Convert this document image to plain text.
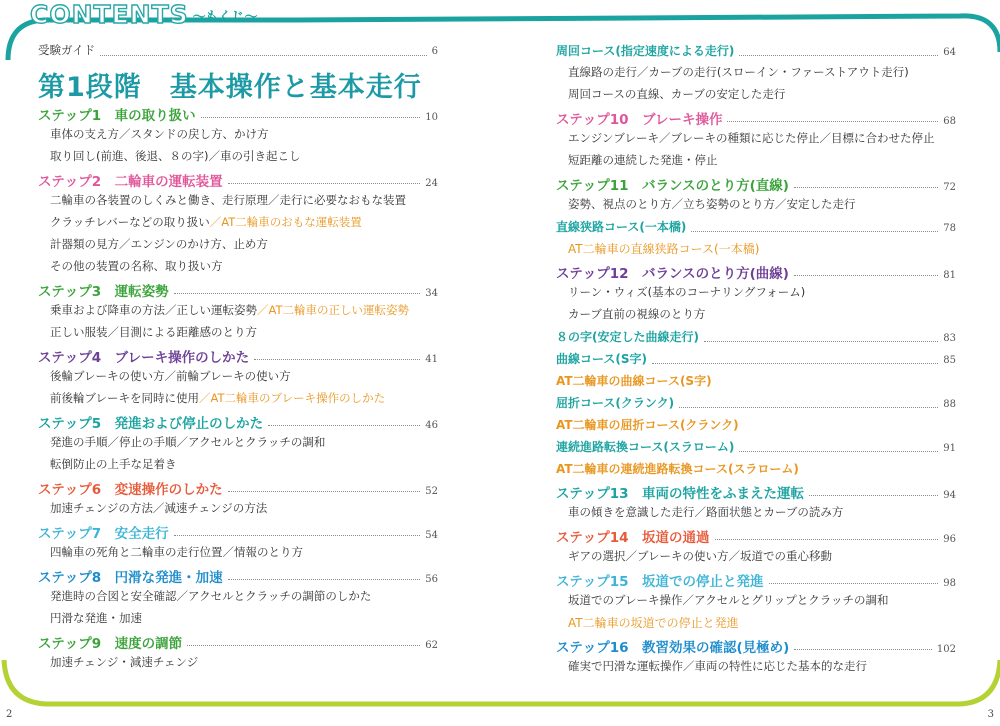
CONTENTS 〜もくじ〜
受験ガイド	6
第1段階　基本操作と基本走行
ステップ1　車の取り扱い	10
車体の支え方／スタンドの戻し方、かけ方
取り回し(前進、後退、８の字)／車の引き起こし
ステップ2　二輪車の運転装置	24
二輪車の各装置のしくみと働き、走行原理／走行に必要なおもな装置
クラッチレバーなどの取り扱い ／AT二輪車のおもな運転装置
計器類の見方／エンジンのかけ方、止め方
その他の装置の名称、取り扱い方
ステップ3　運転姿勢	34
乗車および降車の方法／正しい運転姿勢 ／AT二輪車の正しい運転姿勢
正しい服装／目測による距離感のとり方
ステップ4　ブレーキ操作のしかた	41
後輪ブレーキの使い方／前輪ブレーキの使い方
前後輪ブレーキを同時に使用 ／AT二輪車のブレーキ操作のしかた
ステップ5　発進および停止のしかた	46
発進の手順／停止の手順／アクセルとクラッチの調和
転倒防止の上手な足着き
ステップ6　変速操作のしかた	52
加速チェンジの方法／減速チェンジの方法
ステップ7　安全走行	54
四輪車の死角と二輪車の走行位置／情報のとり方
ステップ8　円滑な発進・加速	56
発進時の合図と安全確認／アクセルとクラッチの調節のしかた
円滑な発進・加速
ステップ9　速度の調節	62
加速チェンジ・減速チェンジ
周回コース(指定速度による走行)	64
直線路の走行／カーブの走行(スローイン・ファーストアウト走行)
周回コースの直線、カーブの安定した走行
ステップ10　ブレーキ操作	68
エンジンブレーキ／ブレーキの種類に応じた停止／目標に合わせた停止
短距離の連続した発進・停止
ステップ11　バランスのとり方(直線)	72
姿勢、視点のとり方／立ち姿勢のとり方／安定した走行
直線狭路コース(一本橋)	78
AT二輪車の直線狭路コース(一本橋)
ステップ12　バランスのとり方(曲線)	81
リーン・ウィズ(基本のコーナリングフォーム)
カーブ直前の視線のとり方
８の字(安定した曲線走行)	83
曲線コース(S字)	85
AT二輪車の曲線コース(S字)
屈折コース(クランク)	88
AT二輪車の屈折コース(クランク)
連続進路転換コース(スラローム)	91
AT二輪車の連続進路転換コース(スラローム)
ステップ13　車両の特性をふまえた運転	94
車の傾きを意識した走行／路面状態とカーブの読み方
ステップ14　坂道の通過	96
ギアの選択／ブレーキの使い方／坂道での重心移動
ステップ15　坂道での停止と発進	98
坂道でのブレーキ操作／アクセルとグリップとクラッチの調和
AT二輪車の坂道での停止と発進
ステップ16　教習効果の確認(見極め)	102
確実で円滑な運転操作／車両の特性に応じた基本的な走行
2	3
